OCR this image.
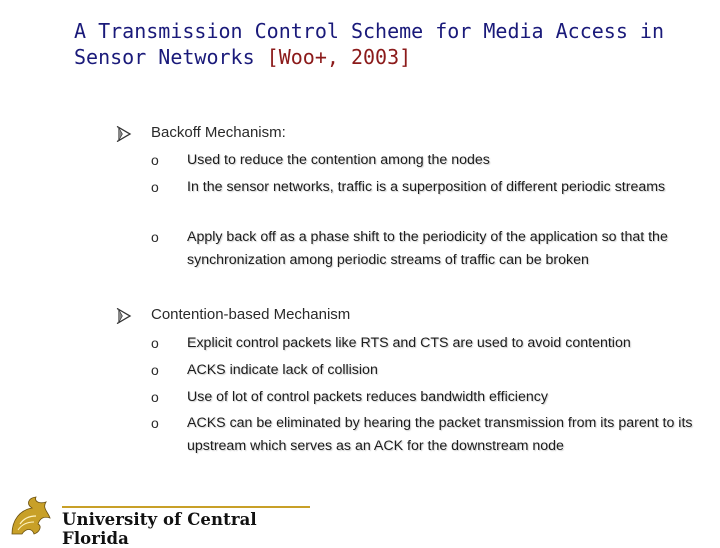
A Transmission Control Scheme for Media Access in
Sensor Networks [Woo+, 2003]
Backoff Mechanism:
o Used to reduce the contention among the nodes
o In the sensor networks, traffic is a superposition of different periodic streams
o Apply back off as a phase shift to the periodicity of the application so that the synchronization among periodic streams of traffic can be broken
Contention-based Mechanism
o Explicit control packets like RTS and CTS are used to avoid contention
o ACKS indicate lack of collision
o Use of lot of control packets reduces bandwidth efficiency
o ACKS can be eliminated by hearing the packet transmission from its parent to its upstream which serves as an ACK for the downstream node
University of Central Florida
